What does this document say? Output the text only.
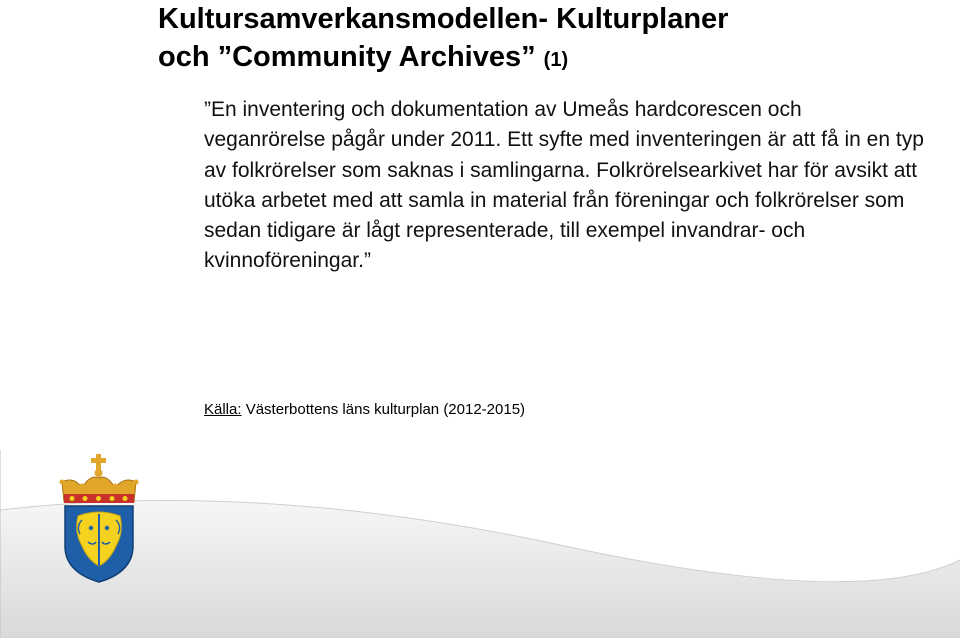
Kultursamverkansmodellen- Kulturplaner
och ”Community Archives” (1)

”En inventering och dokumentation av Umeås hardcorescen och veganrörelse pågår under 2011. Ett syfte med inventeringen är att få in en typ av folkrörelser som saknas i samlingarna. Folkrörelsearkivet har för avsikt att utöka arbetet med att samla in material från föreningar och folkrörelser som sedan tidigare är lågt representerade, till exempel invandrar- och kvinnoföreningar.”

Källa: Västerbottens läns kulturplan (2012-2015)
